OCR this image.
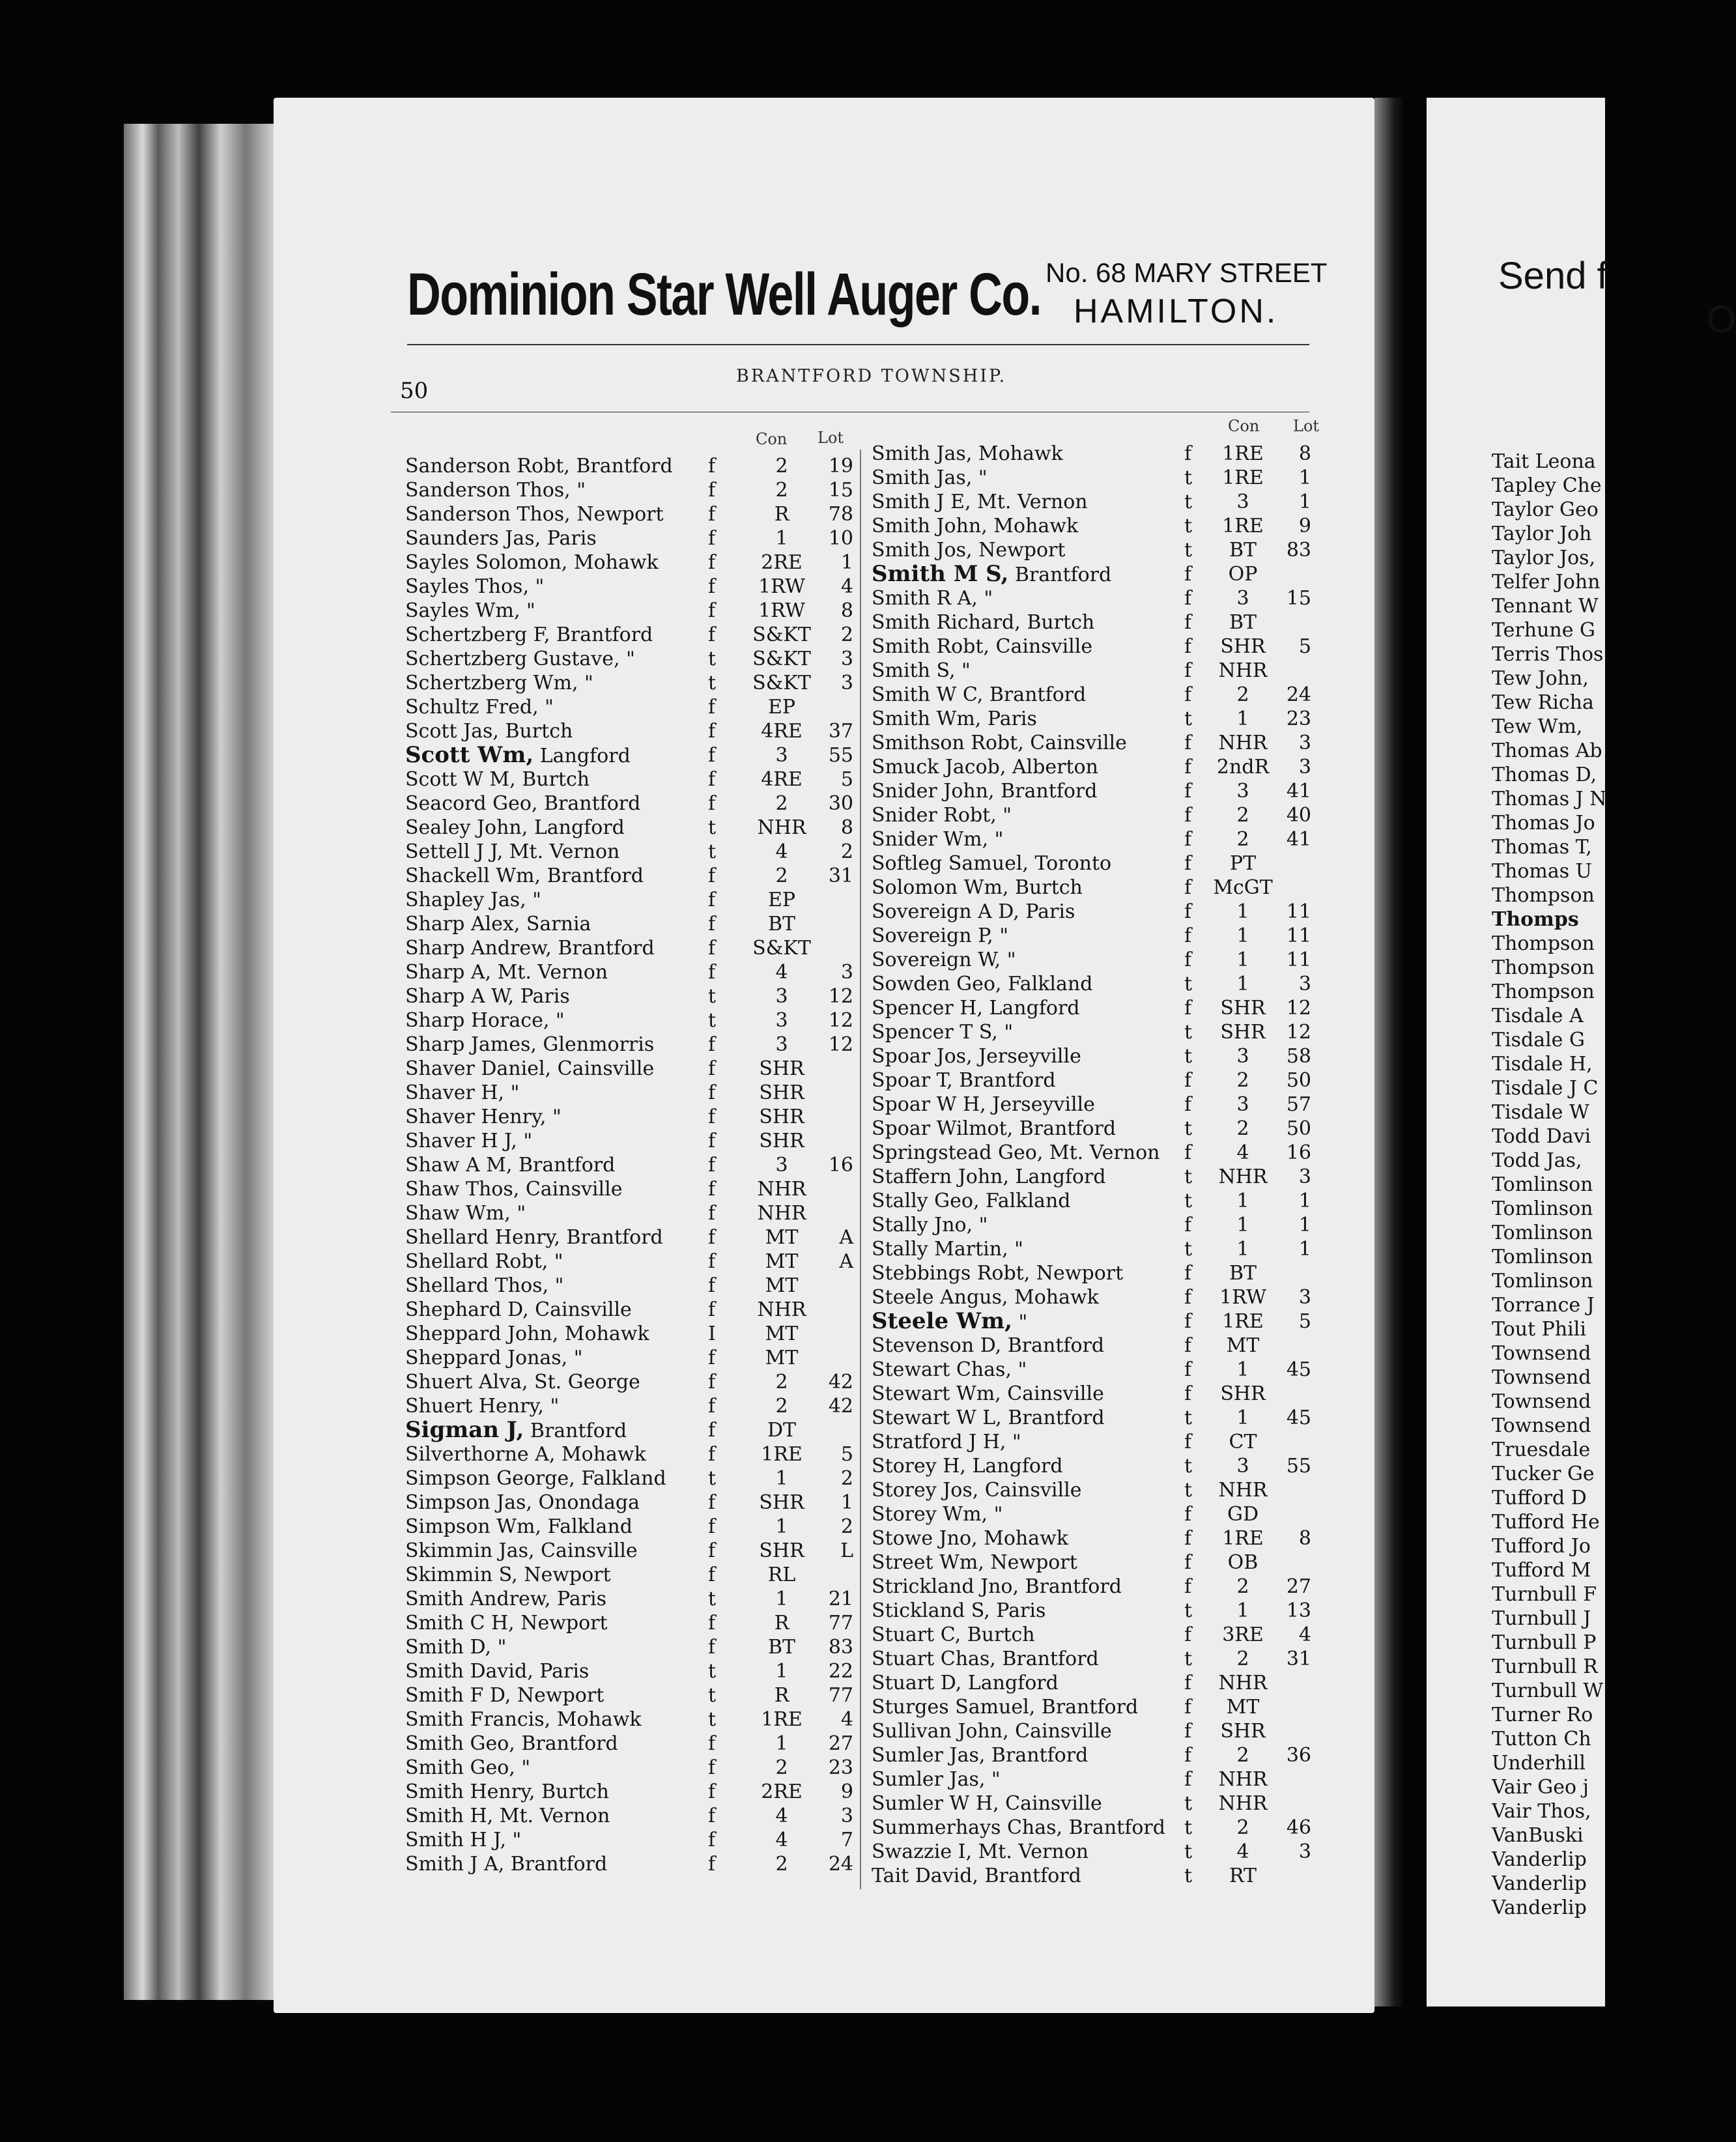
Dominion Star Well Auger Co. No. 68 MARY STREET
HAMILTON.
50
BRANTFORD TOWNSHIP.
Con Lot
Con Lot
Sanderson Robt, Brantford f	2	19
Sanderson Thos, "	f	2	15
Sanderson Thos, Newport f	R	78
Saunders Jas, Paris	f	1	10
Sayles Solomon, Mohawk	f	2RE	1
Sayles Thos, "	f	1RW	4
Sayles Wm, "	f	1RW	8
Schertzberg F, Brantford	f	S&KT	2
Schertzberg Gustave, "	t	S&KT	3
Schertzberg Wm, "	t	S&KT	3
Schultz Fred, "	f	EP
Scott Jas, Burtch	f	4RE	37
Scott Wm, Langford	f	3	55
Scott W M, Burtch	f	4RE	5
Seacord Geo, Brantford	f	2	30
Sealey John, Langford	t	NHR	8
Settell J J, Mt. Vernon	t	4	2
Shackell Wm, Brantford	f	2	31
Shapley Jas, "	f	EP
Sharp Alex, Sarnia	f	BT
Sharp Andrew, Brantford	f	S&KT
Sharp A, Mt. Vernon	f	4	3
Sharp A W, Paris	t	3	12
Sharp Horace, "	t	3	12
Sharp James, Glenmorris	f	3	12
Shaver Daniel, Cainsville	f	SHR
Shaver H, "	f	SHR
Shaver Henry, "	f	SHR
Shaver H J, "	f	SHR
Shaw A M, Brantford	f	3	16
Shaw Thos, Cainsville	f	NHR
Shaw Wm, "	f	NHR
Shellard Henry, Brantford f	MT	A
Shellard Robt, "	f	MT	A
Shellard Thos, "	f	MT
Shephard D, Cainsville	f	NHR
Sheppard John, Mohawk	I	MT
Sheppard Jonas, "	f	MT
Shuert Alva, St. George	f	2	42
Shuert Henry, "	f	2	42
Sigman J, Brantford	f	DT
Silverthorne A, Mohawk	f	1RE	5
Simpson George, Falkland t	1	2
Simpson Jas, Onondaga	f	SHR	1
Simpson Wm, Falkland	f	1	2
Skimmin Jas, Cainsville	f	SHR	L
Skimmin S, Newport	f	RL
Smith Andrew, Paris	t	1	21
Smith C H, Newport	f	R	77
Smith D, "	f	BT	83
Smith David, Paris	t	1	22
Smith F D, Newport	t	R	77
Smith Francis, Mohawk	t	1RE	4
Smith Geo, Brantford	f	1	27
Smith Geo, "	f	2	23
Smith Henry, Burtch	f	2RE	9
Smith H, Mt. Vernon	f	4	3
Smith H J, "	f	4	7
Smith J A, Brantford	f	2	24
Smith Jas, Mohawk	f	1RE	8
Smith Jas, "	t	1RE	1
Smith J E, Mt. Vernon	t	3	1
Smith John, Mohawk	t	1RE	9
Smith Jos, Newport	t	BT	83
Smith M S, Brantford	f	OP
Smith R A, "	f	3	15
Smith Richard, Burtch	f	BT
Smith Robt, Cainsville	f	SHR	5
Smith S, "	f	NHR
Smith W C, Brantford	f	2	24
Smith Wm, Paris	t	1	23
Smithson Robt, Cainsville	f	NHR	3
Smuck Jacob, Alberton	f	2ndR	3
Snider John, Brantford	f	3	41
Snider Robt, "	f	2	40
Snider Wm, "	f	2	41
Softleg Samuel, Toronto	f	PT
Solomon Wm, Burtch	f	McGT
Sovereign A D, Paris	f	1	11
Sovereign P, "	f	1	11
Sovereign W, "	f	1	11
Sowden Geo, Falkland	t	1	3
Spencer H, Langford	f	SHR	12
Spencer T S, "	t	SHR	12
Spoar Jos, Jerseyville	t	3	58
Spoar T, Brantford	f	2	50
Spoar W H, Jerseyville	f	3	57
Spoar Wilmot, Brantford	t	2	50
Springstead Geo, Mt. Vernon f	4	16
Staffern John, Langford	t	NHR	3
Stally Geo, Falkland	t	1	1
Stally Jno, "	f	1	1
Stally Martin, "	t	1	1
Stebbings Robt, Newport	f	BT
Steele Angus, Mohawk	f	1RW	3
Steele Wm, "	f	1RE	5
Stevenson D, Brantford	f	MT
Stewart Chas, "	f	1	45
Stewart Wm, Cainsville	f	SHR
Stewart W L, Brantford	t	1	45
Stratford J H, "	f	CT
Storey H, Langford	t	3	55
Storey Jos, Cainsville	t	NHR
Storey Wm, "	f	GD
Stowe Jno, Mohawk	f	1RE	8
Street Wm, Newport	f	OB
Strickland Jno, Brantford	f	2	27
Stickland S, Paris	t	1	13
Stuart C, Burtch	f	3RE	4
Stuart Chas, Brantford	t	2	31
Stuart D, Langford	f	NHR
Sturges Samuel, Brantford f	MT
Sullivan John, Cainsville	f	SHR
Sumler Jas, Brantford	f	2	36
Sumler Jas, "	f	NHR
Sumler W H, Cainsville	t	NHR
Summerhays Chas, Brantford t	2	46
Swazzie I, Mt. Vernon	t	4	3
Tait David, Brantford	t	RT
Send f
O
Tait Leona
Tapley Che
Taylor Geo
Taylor Joh
Taylor Jos,
Telfer John
Tennant W
Terhune G
Terris Thos
Tew John,
Tew Richa
Tew Wm,
Thomas Ab
Thomas D,
Thomas J N
Thomas Jo
Thomas T,
Thomas U
Thompson
Thomps
Thompson
Thompson
Thompson
Tisdale A
Tisdale G
Tisdale H,
Tisdale J C
Tisdale W
Todd Davi
Todd Jas,
Tomlinson
Tomlinson
Tomlinson
Tomlinson
Tomlinson
Torrance J
Tout Phili
Townsend
Townsend
Townsend
Townsend
Truesdale
Tucker Ge
Tufford D
Tufford He
Tufford Jo
Tufford M
Turnbull F
Turnbull J
Turnbull P
Turnbull R
Turnbull W
Turner Ro
Tutton Ch
Underhill
Vair Geo j
Vair Thos,
VanBuski
Vanderlip
Vanderlip
Vanderlip
